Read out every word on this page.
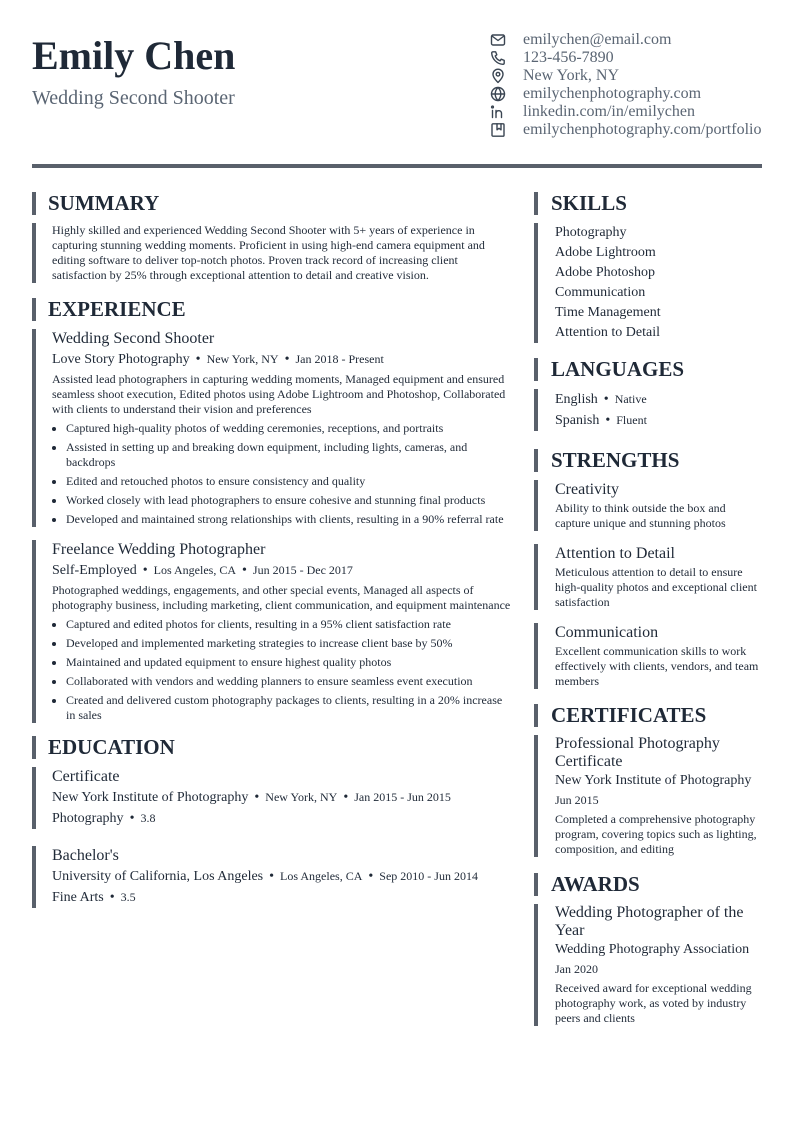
Emily Chen
Wedding Second Shooter
emilychen@email.com
123-456-7890
New York, NY
emilychenphotography.com
linkedin.com/in/emilychen
emilychenphotography.com/portfolio
SUMMARY
Highly skilled and experienced Wedding Second Shooter with 5+ years of experience in capturing stunning wedding moments. Proficient in using high-end camera equipment and editing software to deliver top-notch photos. Proven track record of increasing client satisfaction by 25% through exceptional attention to detail and creative vision.
EXPERIENCE
Wedding Second Shooter
Love Story Photography • New York, NY • Jan 2018 - Present
Assisted lead photographers in capturing wedding moments, Managed equipment and ensured seamless shoot execution, Edited photos using Adobe Lightroom and Photoshop, Collaborated with clients to understand their vision and preferences
• Captured high-quality photos of wedding ceremonies, receptions, and portraits
• Assisted in setting up and breaking down equipment, including lights, cameras, and backdrops
• Edited and retouched photos to ensure consistency and quality
• Worked closely with lead photographers to ensure cohesive and stunning final products
• Developed and maintained strong relationships with clients, resulting in a 90% referral rate
Freelance Wedding Photographer
Self-Employed • Los Angeles, CA • Jun 2015 - Dec 2017
Photographed weddings, engagements, and other special events, Managed all aspects of photography business, including marketing, client communication, and equipment maintenance
• Captured and edited photos for clients, resulting in a 95% client satisfaction rate
• Developed and implemented marketing strategies to increase client base by 50%
• Maintained and updated equipment to ensure highest quality photos
• Collaborated with vendors and wedding planners to ensure seamless event execution
• Created and delivered custom photography packages to clients, resulting in a 20% increase in sales
EDUCATION
Certificate
New York Institute of Photography • New York, NY • Jan 2015 - Jun 2015
Photography • 3.8
Bachelor's
University of California, Los Angeles • Los Angeles, CA • Sep 2010 - Jun 2014
Fine Arts • 3.5
SKILLS
Photography
Adobe Lightroom
Adobe Photoshop
Communication
Time Management
Attention to Detail
LANGUAGES
English • Native
Spanish • Fluent
STRENGTHS
Creativity
Ability to think outside the box and capture unique and stunning photos
Attention to Detail
Meticulous attention to detail to ensure high-quality photos and exceptional client satisfaction
Communication
Excellent communication skills to work effectively with clients, vendors, and team members
CERTIFICATES
Professional Photography Certificate
New York Institute of Photography
Jun 2015
Completed a comprehensive photography program, covering topics such as lighting, composition, and editing
AWARDS
Wedding Photographer of the Year
Wedding Photography Association
Jan 2020
Received award for exceptional wedding photography work, as voted by industry peers and clients
